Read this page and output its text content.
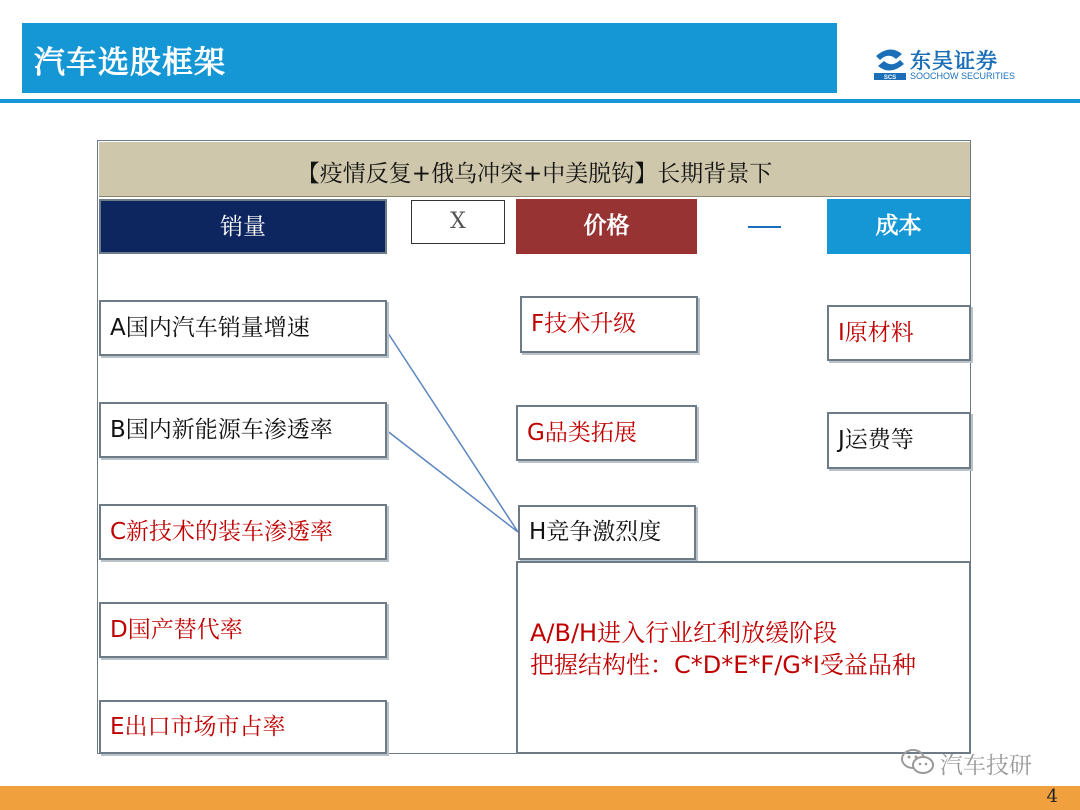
汽车选股框架	SCS
东吴证券
SOOCHOW SECURITIES
【疫情反复+俄乌冲突+中美脱钩】长期背景下
销量	X	价格	成本
A国内汽车销量增速
B国内新能源车渗透率
C新技术的装车渗透率
D国产替代率
E出口市场市占率
F技术升级
G品类拓展
H竞争激烈度
I原材料
J运费等
A/B/H进入行业红利放缓阶段
把握结构性：C*D*E*F/G*I受益品种
汽车技研
4
